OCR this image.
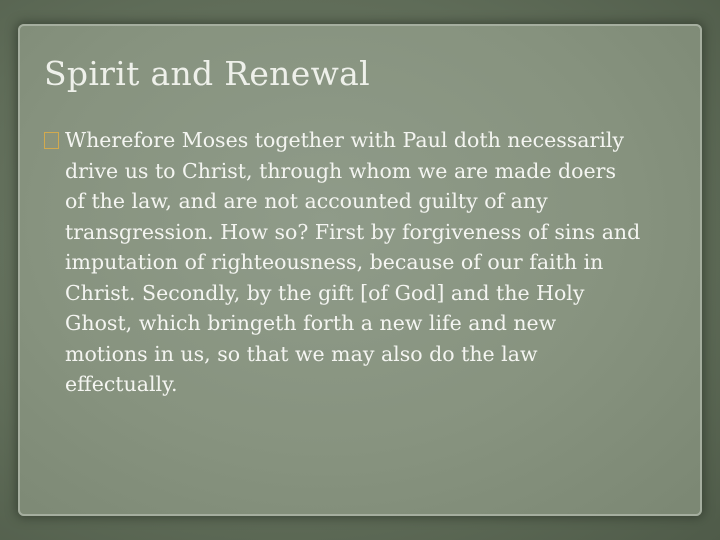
Spirit and Renewal
Wherefore Moses together with Paul doth necessarily
drive us to Christ, through whom we are made doers
of the law, and are not accounted guilty of any
transgression. How so? First by forgiveness of sins and
imputation of righteousness, because of our faith in
Christ. Secondly, by the gift [of God] and the Holy
Ghost, which bringeth forth a new life and new
motions in us, so that we may also do the law
effectually.
